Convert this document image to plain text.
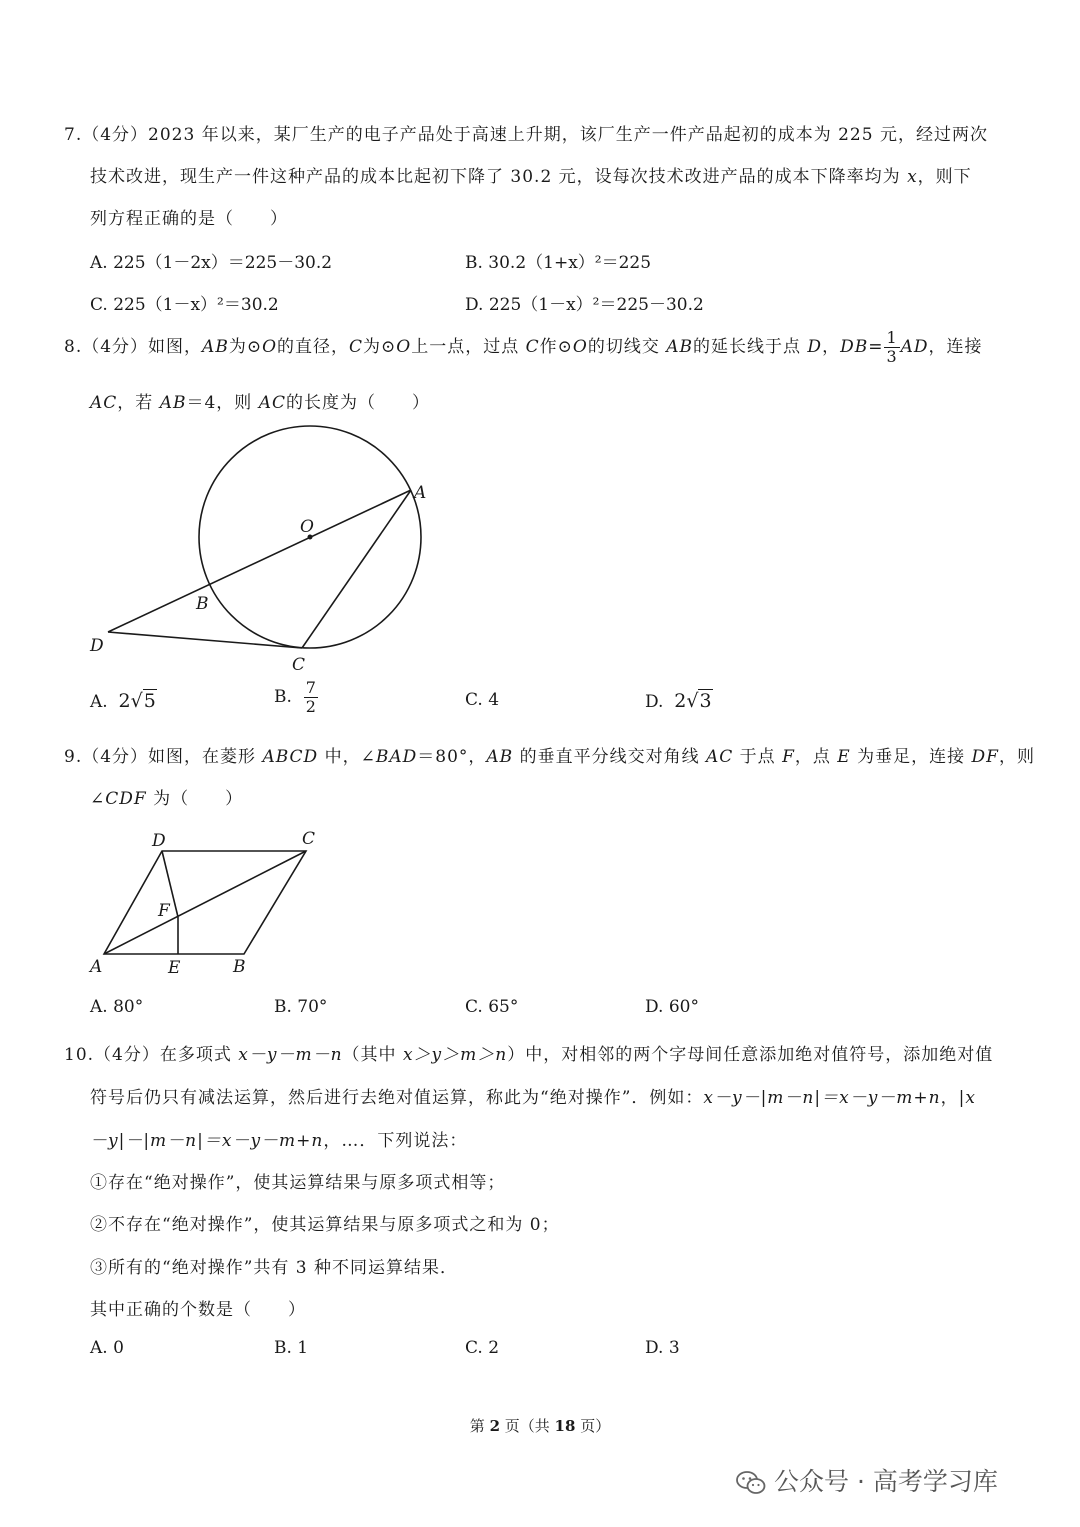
7.（4分）2023 年以来，某厂生产的电子产品处于高速上升期，该厂生产一件产品起初的成本为 225 元，经过两次
技术改进，现生产一件这种产品的成本比起初下降了 30.2 元，设每次技术改进产品的成本下降率均为 x，则下
列方程正确的是（　　）
A. 225（1－2x）＝225－30.2	B. 30.2（1+x）²＝225
C. 225（1－x）²＝30.2	D. 225（1－x）²＝225－30.2
8.（4分）如图，AB为⊙O的直径，C为⊙O上一点，过点 C作⊙O的切线交 AB的延长线于点 D，$DB= \frac{1}{3}$ AD，连接
AC，若 AB＝4，则 AC的长度为（　　）
A
O
B
D
C
A. 2√5	B. $\frac{7}{2}$	C. 4	D. 2√3
9.（4分）如图，在菱形 ABCD 中，∠BAD＝80°，AB 的垂直平分线交对角线 AC 于点 F，点 E 为垂足，连接 DF，则
∠CDF 为（　　）
D	C
F
A	E	B
A. 80°	B. 70°	C. 65°	D. 60°
10.（4分）在多项式 x－y－m－n（其中 x＞y＞m＞n）中，对相邻的两个字母间任意添加绝对值符号，添加绝对值
符号后仍只有减法运算，然后进行去绝对值运算，称此为“绝对操作”．例如：x－y－|m－n|＝x－y－m+n，|x
－y|－|m－n|＝x－y－m+n，…．下列说法：
①存在“绝对操作”，使其运算结果与原多项式相等；
②不存在“绝对操作”，使其运算结果与原多项式之和为 0；
③所有的“绝对操作”共有 3 种不同运算结果．
其中正确的个数是（　　）
A. 0	B. 1	C. 2	D. 3
第 2 页（共 18 页）
公众号 · 高考学习库
